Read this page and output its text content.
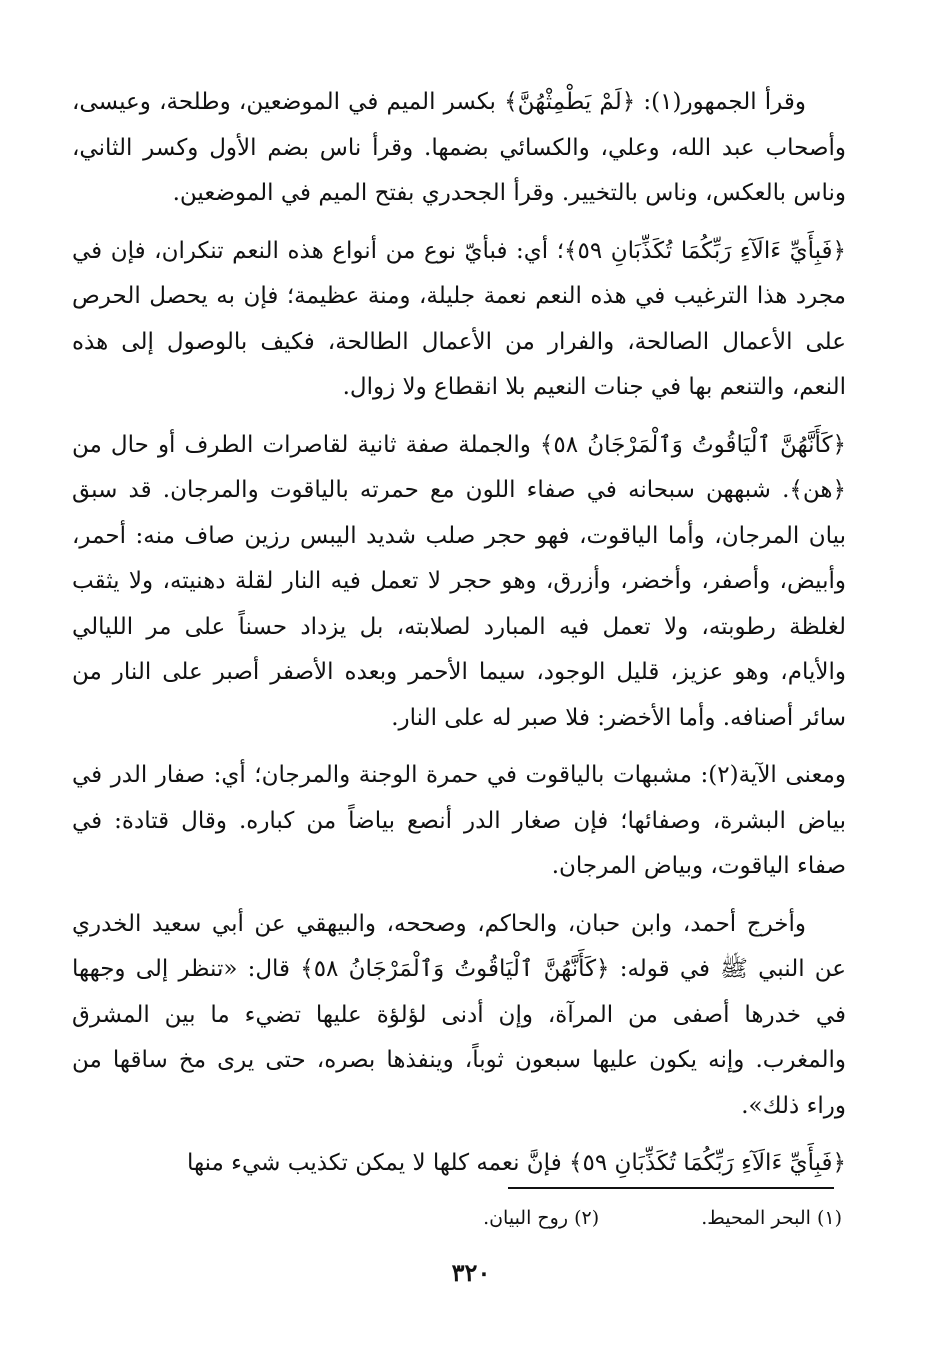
وقرأ الجمهور(١): ﴿لَمْ يَطْمِثْهُنَّ﴾ بكسر الميم في الموضعين، وطلحة، وعيسى، وأصحاب عبد الله، وعلي، والكسائي بضمها. وقرأ ناس بضم الأول وكسر الثاني، وناس بالعكس، وناس بالتخيير. وقرأ الجحدري بفتح الميم في الموضعين.

﴿فَبِأَيِّ ءَالَآءِ رَبِّكُمَا تُكَذِّبَانِ ٥٩﴾؛ أي: فبأيّ نوع من أنواع هذه النعم تنكران، فإن في مجرد هذا الترغيب في هذه النعم نعمة جليلة، ومنة عظيمة؛ فإن به يحصل الحرص على الأعمال الصالحة، والفرار من الأعمال الطالحة، فكيف بالوصول إلى هذه النعم، والتنعم بها في جنات النعيم بلا انقطاع ولا زوال.

﴿كَأَنَّهُنَّ ٱلْيَاقُوتُ وَٱلْمَرْجَانُ ٥٨﴾ والجملة صفة ثانية لقاصرات الطرف أو حال من ﴿هن﴾. شبههن سبحانه في صفاء اللون مع حمرته بالياقوت والمرجان. قد سبق بيان المرجان، وأما الياقوت، فهو حجر صلب شديد اليبس رزين صاف منه: أحمر، وأبيض، وأصفر، وأخضر، وأزرق، وهو حجر لا تعمل فيه النار لقلة دهنيته، ولا يثقب لغلظة رطوبته، ولا تعمل فيه المبارد لصلابته، بل يزداد حسناً على مر الليالي والأيام، وهو عزيز، قليل الوجود، سيما الأحمر وبعده الأصفر أصبر على النار من سائر أصنافه. وأما الأخضر: فلا صبر له على النار.

ومعنى الآية(٢): مشبهات بالياقوت في حمرة الوجنة والمرجان؛ أي: صفار الدر في بياض البشرة، وصفائها؛ فإن صغار الدر أنصع بياضاً من كباره. وقال قتادة: في صفاء الياقوت، وبياض المرجان.

وأخرج أحمد، وابن حبان، والحاكم، وصححه، والبيهقي عن أبي سعيد الخدري عن النبي ﷺ في قوله: ﴿كَأَنَّهُنَّ ٱلْيَاقُوتُ وَٱلْمَرْجَانُ ٥٨﴾ قال: «تنظر إلى وجهها في خدرها أصفى من المرآة، وإن أدنى لؤلؤة عليها تضيء ما بين المشرق والمغرب. وإنه يكون عليها سبعون ثوباً، وينفذها بصره، حتى يرى مخ ساقها من وراء ذلك».

﴿فَبِأَيِّ ءَالَآءِ رَبِّكُمَا تُكَذِّبَانِ ٥٩﴾ فإنَّ نعمه كلها لا يمكن تكذيب شيء منها

(١) البحر المحيط. (٢) روح البيان.
٣٢٠
